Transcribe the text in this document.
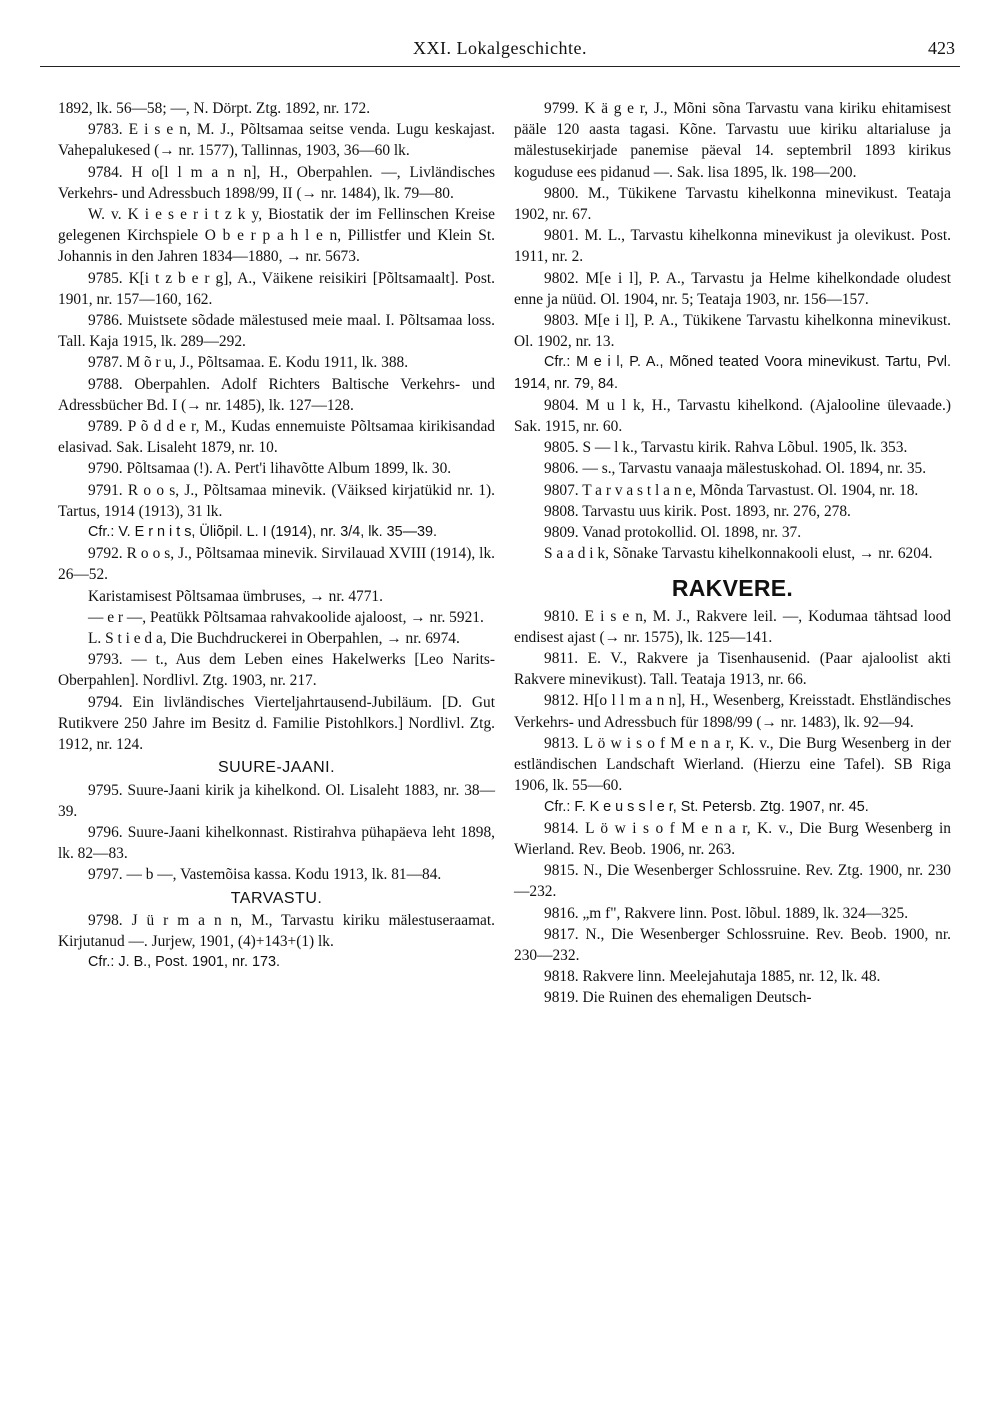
XXI. Lokalgeschichte.	423

1892, lk. 56—58; —, N. Dörpt. Ztg. 1892, nr. 172.

9783. E i s e n, M. J., Põltsamaa seitse venda. Lugu keskajast. Vahepalukesed (→ nr. 1577), Tallinnas, 1903, 36—60 lk.

9784. H o[l l m a n n], H., Oberpahlen. —, Livländisches Verkehrs- und Adressbuch 1898/99, II (→ nr. 1484), lk. 79—80.

W. v. K i e s e r i t z k y, Biostatik der im Fellinschen Kreise gelegenen Kirchspiele O b e r p a h l e n, Pillistfer und Klein St. Johannis in den Jahren 1834—1880, → nr. 5673.

9785. K[i t z b e r g], A., Väikene reisikiri [Põltsamaalt]. Post. 1901, nr. 157—160, 162.

9786. Muistsete sõdade mälestused meie maal. I. Põltsamaa loss. Tall. Kaja 1915, lk. 289—292.

9787. M õ r u, J., Põltsamaa. E. Kodu 1911, lk. 388.

9788. Oberpahlen. Adolf Richters Baltische Verkehrs- und Adressbücher Bd. I (→ nr. 1485), lk. 127—128.

9789. P õ d d e r, M., Kudas ennemuiste Põltsamaa kirikisandad elasivad. Sak. Lisaleht 1879, nr. 10.

9790. Põltsamaa (!). A. Pert'i lihavõtte Album 1899, lk. 30.

9791. R o o s, J., Põltsamaa minevik. (Väiksed kirjatükid nr. 1). Tartus, 1914 (1913), 31 lk.

Cfr.: V. E r n i t s, Üliõpil. L. I (1914), nr. 3/4, lk. 35—39.

9792. R o o s, J., Põltsamaa minevik. Sirvilauad XVIII (1914), lk. 26—52.

Karistamisest Põltsamaa ümbruses, → nr. 4771.

— e r —, Peatükk Põltsamaa rahvakoolide ajaloost, → nr. 5921.

L. S t i e d a, Die Buchdruckerei in Oberpahlen, → nr. 6974.

9793. — t., Aus dem Leben eines Hakelwerks [Leo Narits-Oberpahlen]. Nordlivl. Ztg. 1903, nr. 217.

9794. Ein livländisches Vierteljahrtausend-Jubiläum. [D. Gut Rutikvere 250 Jahre im Besitz d. Familie Pistohlkors.] Nordlivl. Ztg. 1912, nr. 124.

SUURE-JAANI.

9795. Suure-Jaani kirik ja kihelkond. Ol. Lisaleht 1883, nr. 38—39.

9796. Suure-Jaani kihelkonnast. Ristirahva pühapäeva leht 1898, lk. 82—83.

9797. — b —, Vastemõisa kassa. Kodu 1913, lk. 81—84.

TARVASTU.

9798. J ü r m a n n, M., Tarvastu kiriku mälestuseraamat. Kirjutanud —. Jurjew, 1901, (4)+143+(1) lk.

Cfr.: J. B., Post. 1901, nr. 173.

9799. K ä g e r, J., Mõni sõna Tarvastu vana kiriku ehitamisest pääle 120 aasta tagasi. Kõne. Tarvastu uue kiriku altarialuse ja mälestusekirjade panemise päeval 14. septembril 1893 kirikus koguduse ees pidanud —. Sak. lisa 1895, lk. 198—200.

9800. M., Tükikene Tarvastu kihelkonna minevikust. Teataja 1902, nr. 67.

9801. M. L., Tarvastu kihelkonna minevikust ja olevikust. Post. 1911, nr. 2.

9802. M[e i l], P. A., Tarvastu ja Helme kihelkondade oludest enne ja nüüd. Ol. 1904, nr. 5; Teataja 1903, nr. 156—157.

9803. M[e i l], P. A., Tükikene Tarvastu kihelkonna minevikust. Ol. 1902, nr. 13.

Cfr.: M e i l, P. A., Mõned teated Voora minevikust. Tartu, Pvl. 1914, nr. 79, 84.

9804. M u l k, H., Tarvastu kihelkond. (Ajalooline ülevaade.) Sak. 1915, nr. 60.

9805. S — l k., Tarvastu kirik. Rahva Lõbul. 1905, lk. 353.

9806. — s., Tarvastu vanaaja mälestuskohad. Ol. 1894, nr. 35.

9807. T a r v a s t l a n e, Mõnda Tarvastust. Ol. 1904, nr. 18.

9808. Tarvastu uus kirik. Post. 1893, nr. 276, 278.

9809. Vanad protokollid. Ol. 1898, nr. 37.

S a a d i k, Sõnake Tarvastu kihelkonnakooli elust, → nr. 6204.

RAKVERE.

9810. E i s e n, M. J., Rakvere leil. —, Kodumaa tähtsad lood endisest ajast (→ nr. 1575), lk. 125—141.

9811. E. V., Rakvere ja Tisenhausenid. (Paar ajaloolist akti Rakvere minevikust). Tall. Teataja 1913, nr. 66.

9812. H[o l l m a n n], H., Wesenberg, Kreisstadt. Ehstländisches Verkehrs- und Adressbuch für 1898/99 (→ nr. 1483), lk. 92—94.

9813. L ö w i s o f M e n a r, K. v., Die Burg Wesenberg in der estländischen Landschaft Wierland. (Hierzu eine Tafel). SB Riga 1906, lk. 55—60.

Cfr.: F. K e u s s l e r, St. Petersb. Ztg. 1907, nr. 45.

9814. L ö w i s o f M e n a r, K. v., Die Burg Wesenberg in Wierland. Rev. Beob. 1906, nr. 263.

9815. N., Die Wesenberger Schlossruine. Rev. Ztg. 1900, nr. 230—232.

9816. „m f", Rakvere linn. Post. lõbul. 1889, lk. 324—325.

9817. N., Die Wesenberger Schlossruine. Rev. Beob. 1900, nr. 230—232.

9818. Rakvere linn. Meelejahutaja 1885, nr. 12, lk. 48.

9819. Die Ruinen des ehemaligen Deutsch-
